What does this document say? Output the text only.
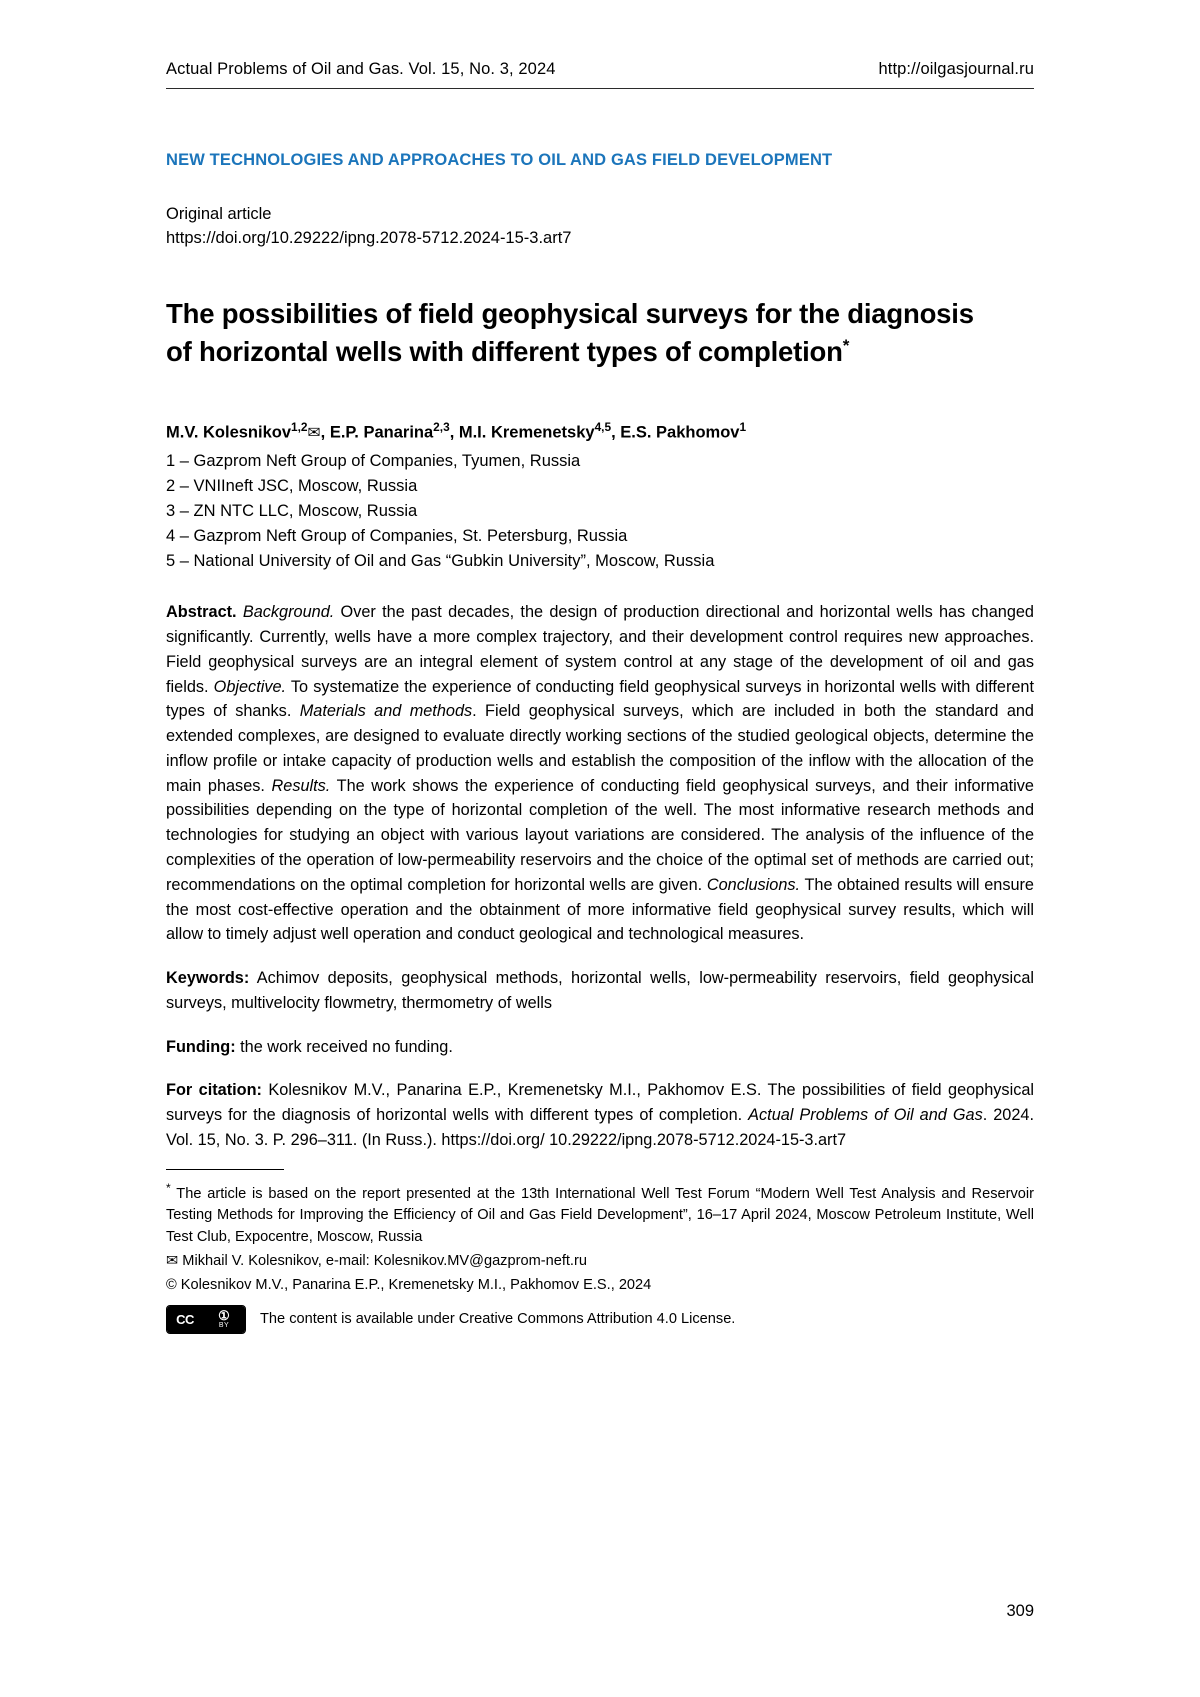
Actual Problems of Oil and Gas. Vol. 15, No. 3, 2024	http://oilgasjournal.ru
NEW TECHNOLOGIES AND APPROACHES TO OIL AND GAS FIELD DEVELOPMENT
Original article
https://doi.org/10.29222/ipng.2078-5712.2024-15-3.art7
The possibilities of field geophysical surveys for the diagnosis
of horizontal wells with different types of completion*
M.V. Kolesnikov$^{1,2}$✉, E.P. Panarina$^{2,3}$, M.I. Kremenetsky$^{4,5}$, E.S. Pakhomov$^1$
1 – Gazprom Neft Group of Companies, Tyumen, Russia
2 – VNIIneft JSC, Moscow, Russia
3 – ZN NTC LLC, Moscow, Russia
4 – Gazprom Neft Group of Companies, St. Petersburg, Russia
5 – National University of Oil and Gas “Gubkin University”, Moscow, Russia
Abstract. Background. Over the past decades, the design of production directional and horizontal wells has changed significantly. Currently, wells have a more complex trajectory, and their development control requires new approaches. Field geophysical surveys are an integral element of system control at any stage of the development of oil and gas fields. Objective. To systematize the experience of conducting field geophysical surveys in horizontal wells with different types of shanks. Materials and methods. Field geophysical surveys, which are included in both the standard and extended complexes, are designed to evaluate directly working sections of the studied geological objects, determine the inflow profile or intake capacity of production wells and establish the composition of the inflow with the allocation of the main phases. Results. The work shows the experience of conducting field geophysical surveys, and their informative possibilities depending on the type of horizontal completion of the well. The most informative research methods and technologies for studying an object with various layout variations are considered. The analysis of the influence of the complexities of the operation of low-permeability reservoirs and the choice of the optimal set of methods are carried out; recommendations on the optimal completion for horizontal wells are given. Conclusions. The obtained results will ensure the most cost-effective operation and the obtainment of more informative field geophysical survey results, which will allow to timely adjust well operation and conduct geological and technological measures.
Keywords: Achimov deposits, geophysical methods, horizontal wells, low-permeability reservoirs, field geophysical surveys, multivelocity flowmetry, thermometry of wells
Funding: the work received no funding.
For citation: Kolesnikov M.V., Panarina E.P., Kremenetsky M.I., Pakhomov E.S. The possibilities of field geophysical surveys for the diagnosis of horizontal wells with different types of completion. Actual Problems of Oil and Gas. 2024. Vol. 15, No. 3. P. 296–311. (In Russ.). https://doi.org/ 10.29222/ipng.2078-5712.2024-15-3.art7
* The article is based on the report presented at the 13th International Well Test Forum “Modern Well Test Analysis and Reservoir Testing Methods for Improving the Efficiency of Oil and Gas Field Development”, 16–17 April 2024, Moscow Petroleum Institute, Well Test Club, Expocentre, Moscow, Russia
✉ Mikhail V. Kolesnikov, e-mail: Kolesnikov.MV@gazprom-neft.ru
© Kolesnikov M.V., Panarina E.P., Kremenetsky M.I., Pakhomov E.S., 2024
CC	①
BY The content is available under Creative Commons Attribution 4.0 License.
309
